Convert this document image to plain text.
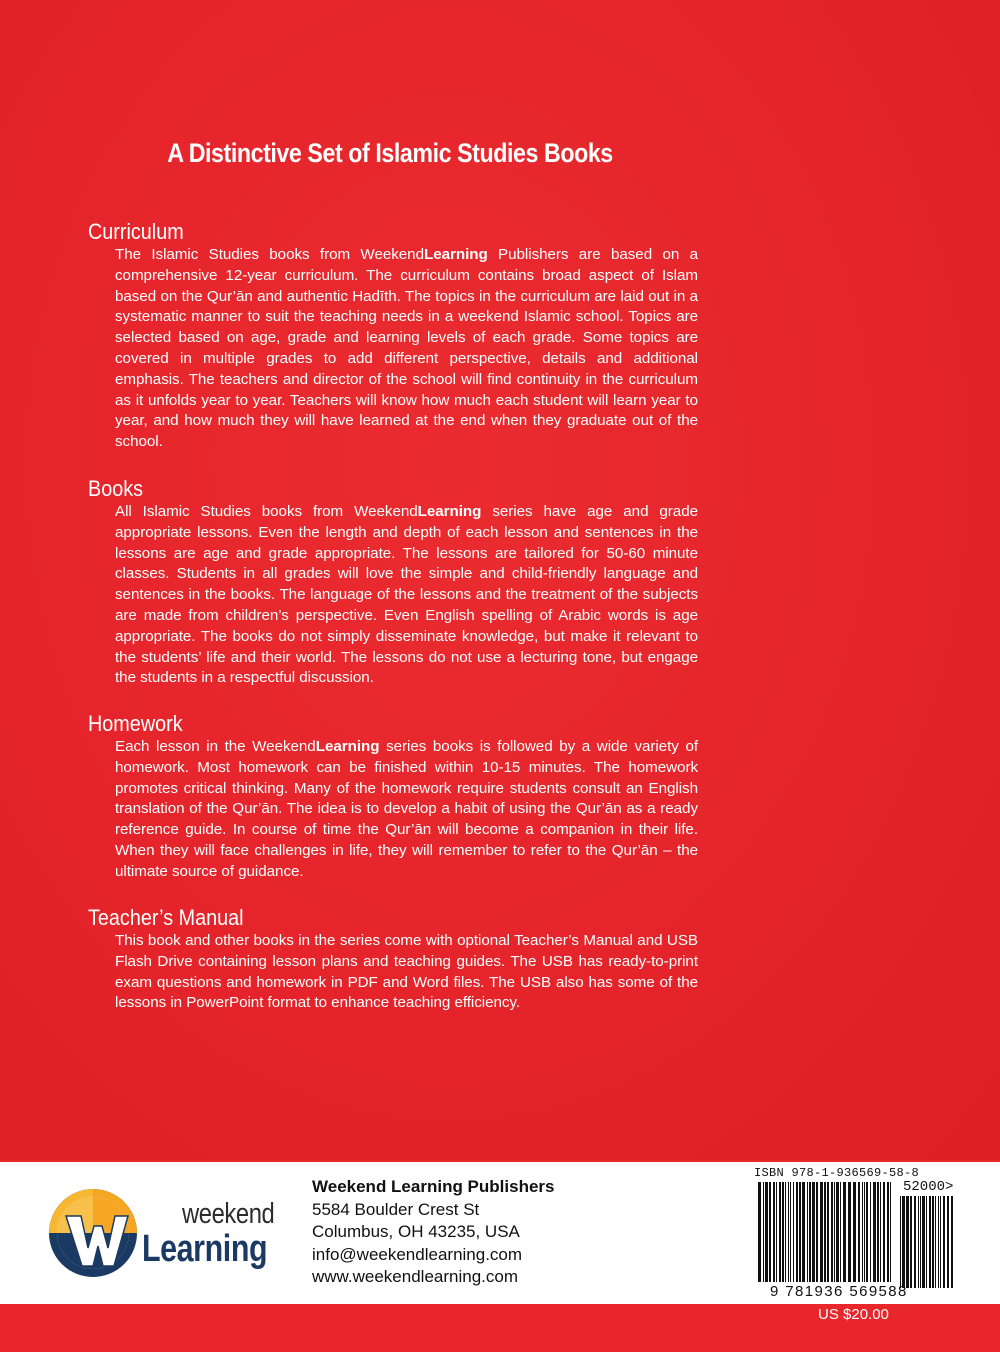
A Distinctive Set of Islamic Studies Books
Curriculum

The Islamic Studies books from WeekendLearning Publishers are based on a comprehensive 12-year curriculum. The curriculum contains broad aspect of Islam based on the Qur’ān and authentic Hadīth. The topics in the curriculum are laid out in a systematic manner to suit the teaching needs in a weekend Islamic school. Topics are selected based on age, grade and learning levels of each grade. Some topics are covered in multiple grades to add different perspective, details and additional emphasis. The teachers and director of the school will find continuity in the curriculum as it unfolds year to year. Teachers will know how much each student will learn year to year, and how much they will have learned at the end when they graduate out of the school.

Books

All Islamic Studies books from WeekendLearning series have age and grade appropriate lessons. Even the length and depth of each lesson and sentences in the lessons are age and grade appropriate. The lessons are tailored for 50-60 minute classes. Students in all grades will love the simple and child-friendly language and sentences in the books. The language of the lessons and the treatment of the subjects are made from children’s perspective. Even English spelling of Arabic words is age appropriate. The books do not simply disseminate knowledge, but make it relevant to the students’ life and their world. The lessons do not use a lecturing tone, but engage the students in a respectful discussion.

Homework

Each lesson in the WeekendLearning series books is followed by a wide variety of homework. Most homework can be finished within 10-15 minutes. The homework promotes critical thinking. Many of the homework require students consult an English translation of the Qur’ān. The idea is to develop a habit of using the Qur’ān as a ready reference guide. In course of time the Qur’ān will become a companion in their life. When they will face challenges in life, they will remember to refer to the Qur’ān – the ultimate source of guidance.

Teacher’s Manual

This book and other books in the series come with optional Teacher’s Manual and USB Flash Drive containing lesson plans and teaching guides. The USB has ready-to-print exam questions and homework in PDF and Word files. The USB also has some of the lessons in PowerPoint format to enhance teaching efficiency.

weekend
Learning
Weekend Learning Publishers
5584 Boulder Crest St
Columbus, OH 43235, USA
info@weekendlearning.com
www.weekendlearning.com
ISBN 978-1-936569-58-8
52000>
9 781936 569588
US $20.00
